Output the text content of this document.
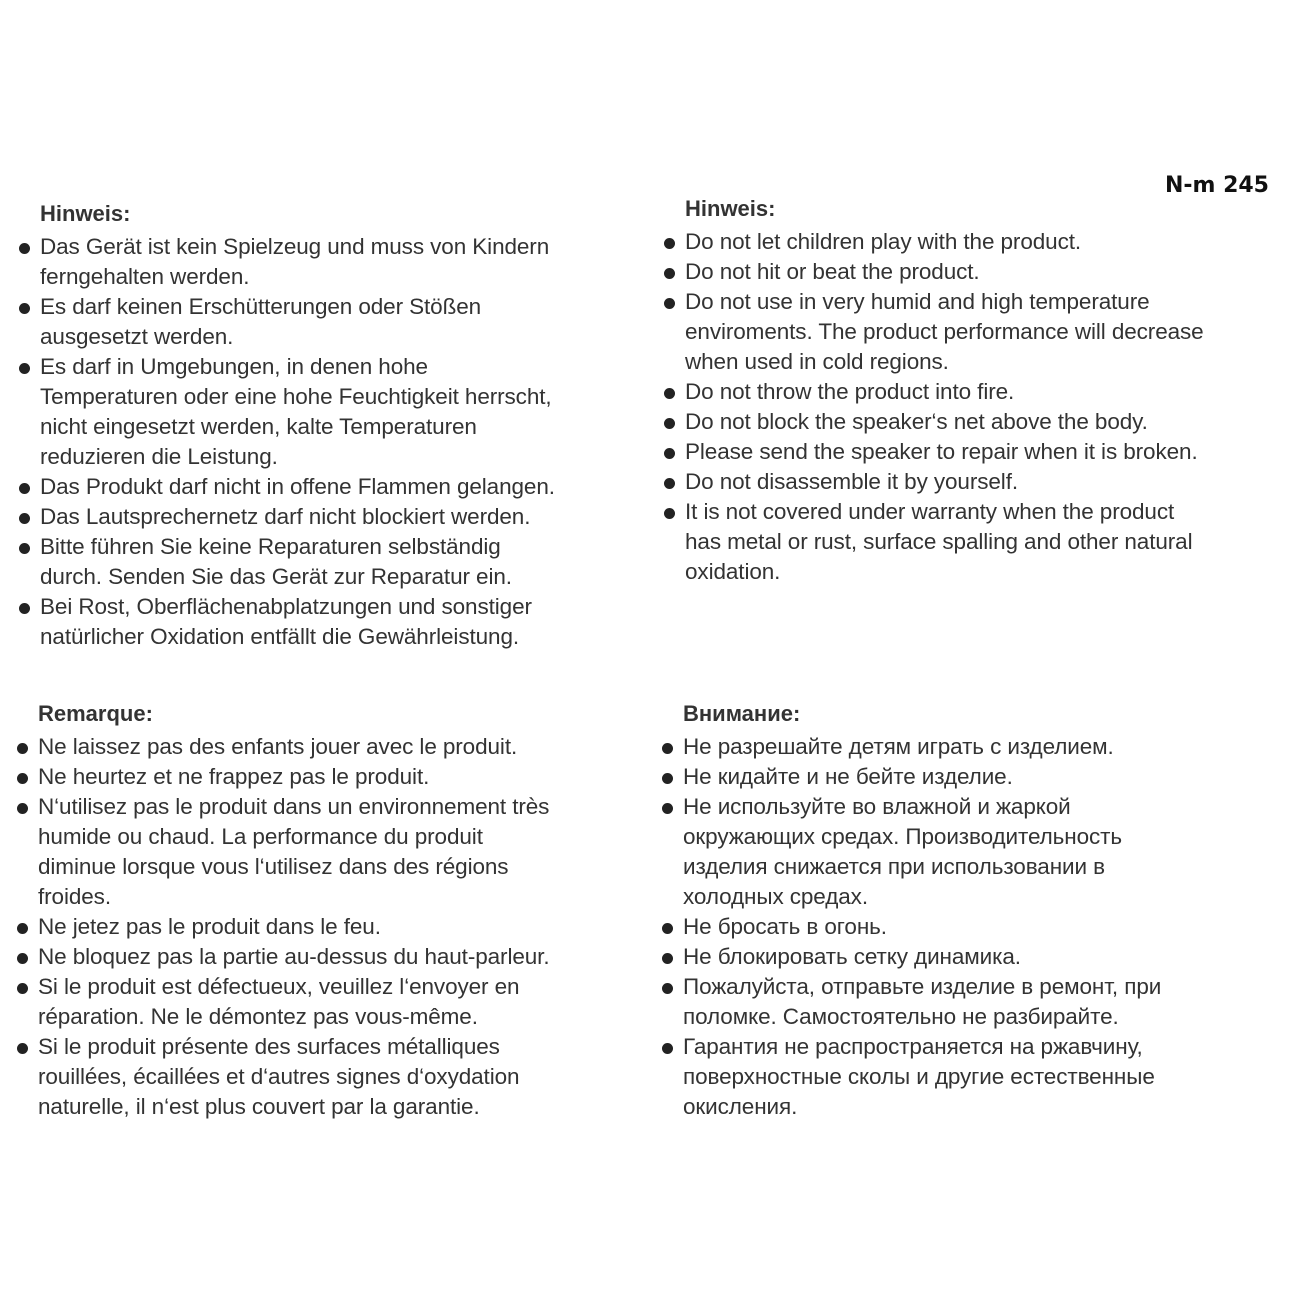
N-m 245

Hinweis:
Das Gerät ist kein Spielzeug und muss von Kindern
ferngehalten werden.
Es darf keinen Erschütterungen oder Stößen
ausgesetzt werden.
Es darf in Umgebungen, in denen hohe
Temperaturen oder eine hohe Feuchtigkeit herrscht,
nicht eingesetzt werden, kalte Temperaturen
reduzieren die Leistung.
Das Produkt darf nicht in offene Flammen gelangen.
Das Lautsprechernetz darf nicht blockiert werden.
Bitte führen Sie keine Reparaturen selbständig
durch. Senden Sie das Gerät zur Reparatur ein.
Bei Rost, Oberflächenabplatzungen und sonstiger
natürlicher Oxidation entfällt die Gewährleistung.
Hinweis:
Do not let children play with the product.
Do not hit or beat the product.
Do not use in very humid and high temperature
enviroments. The product performance will decrease
when used in cold regions.
Do not throw the product into fire.
Do not block the speaker‘s net above the body.
Please send the speaker to repair when it is broken.
Do not disassemble it by yourself.
It is not covered under warranty when the product
has metal or rust, surface spalling and other natural
oxidation.
Remarque:
Ne laissez pas des enfants jouer avec le produit.
Ne heurtez et ne frappez pas le produit.
N‘utilisez pas le produit dans un environnement très
humide ou chaud. La performance du produit
diminue lorsque vous l‘utilisez dans des régions
froides.
Ne jetez pas le produit dans le feu.
Ne bloquez pas la partie au-dessus du haut-parleur.
Si le produit est défectueux, veuillez l‘envoyer en
réparation. Ne le démontez pas vous-même.
Si le produit présente des surfaces métalliques
rouillées, écaillées et d‘autres signes d‘oxydation
naturelle, il n‘est plus couvert par la garantie.
Внимание:
Не разрешайте детям играть с изделием.
Не кидайте и не бейте изделие.
Не используйте во влажной и жаркой
окружающих средах. Производительность
изделия снижается при использовании в
холодных средах.
Не бросать в огонь.
Не блокировать сетку динамика.
Пожалуйста, отправьте изделие в ремонт, при
поломке. Самостоятельно не разбирайте.
Гарантия не распространяется на ржавчину,
поверхностные сколы и другие естественные
окисления.
